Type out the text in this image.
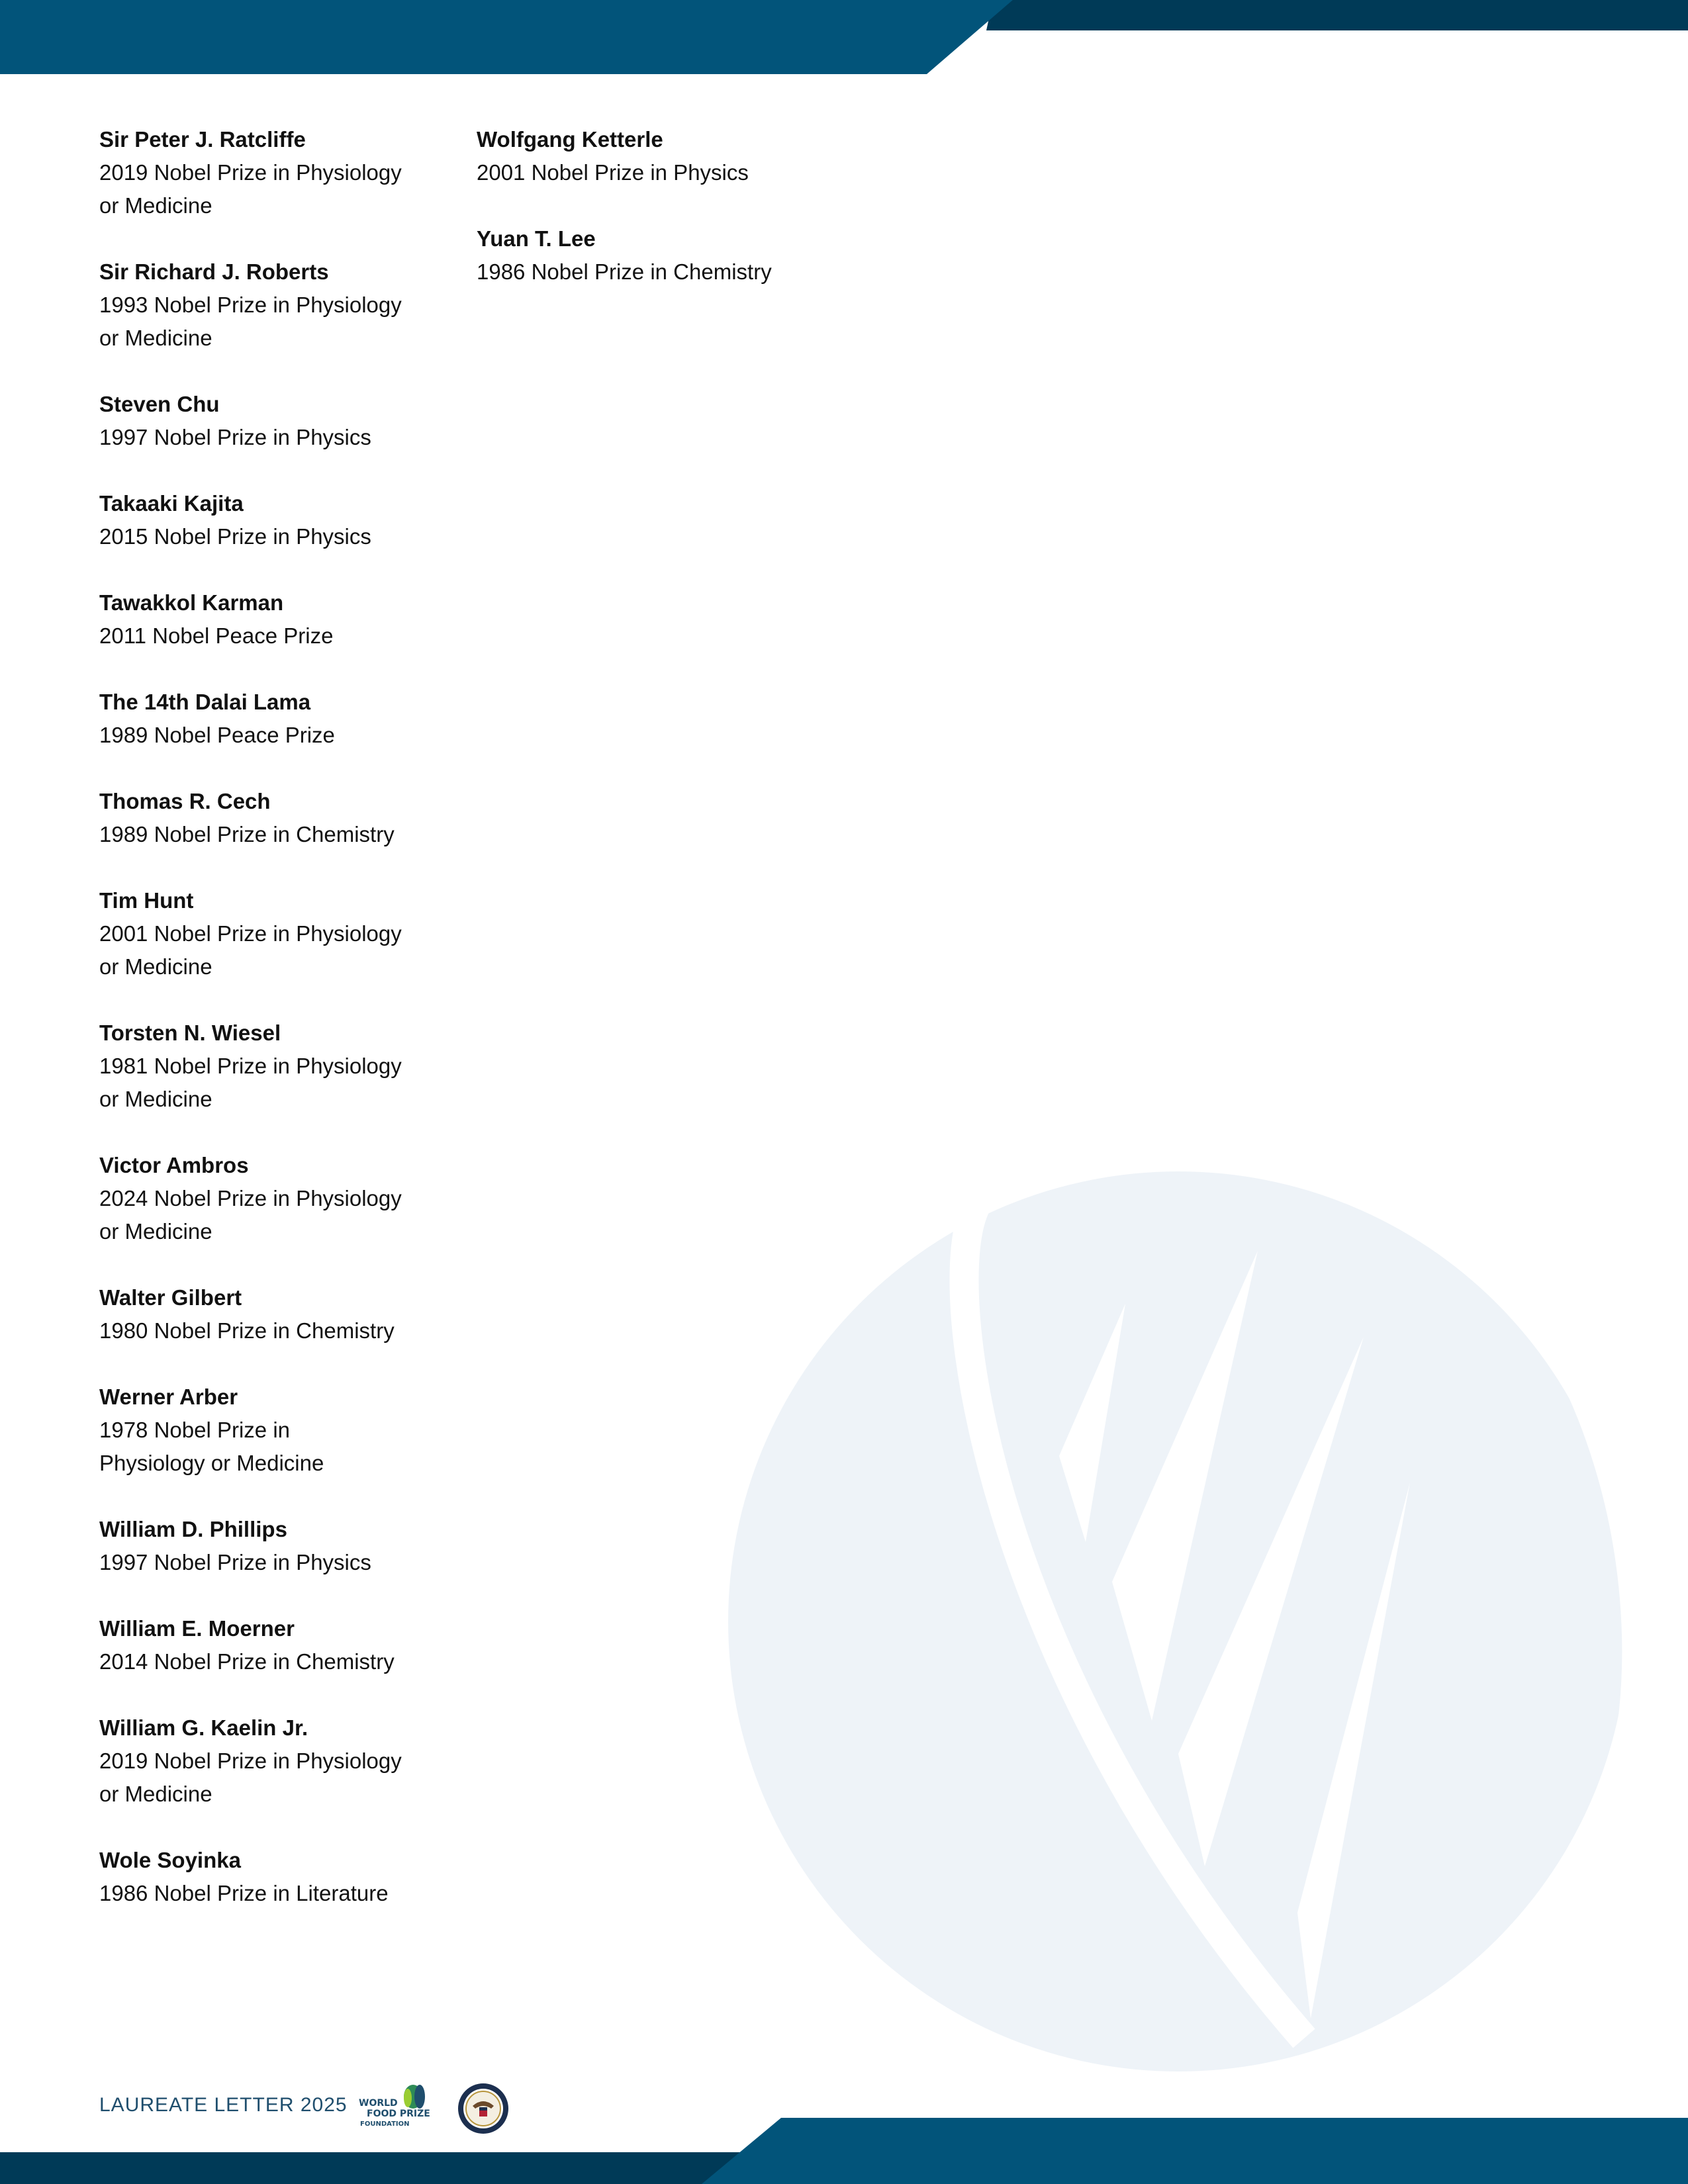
Sir Peter J. Ratcliffe
2019 Nobel Prize in Physiology
or Medicine
Sir Richard J. Roberts
1993 Nobel Prize in Physiology
or Medicine
Steven Chu
1997 Nobel Prize in Physics
Takaaki Kajita
2015 Nobel Prize in Physics
Tawakkol Karman
2011 Nobel Peace Prize
The 14th Dalai Lama
1989 Nobel Peace Prize
Thomas R. Cech
1989 Nobel Prize in Chemistry
Tim Hunt
2001 Nobel Prize in Physiology
or Medicine
Torsten N. Wiesel
1981 Nobel Prize in Physiology
or Medicine
Victor Ambros
2024 Nobel Prize in Physiology
or Medicine
Walter Gilbert
1980 Nobel Prize in Chemistry
Werner Arber
1978 Nobel Prize in
Physiology or Medicine
William D. Phillips
1997 Nobel Prize in Physics
William E. Moerner
2014 Nobel Prize in Chemistry
William G. Kaelin Jr.
2019 Nobel Prize in Physiology
or Medicine
Wole Soyinka
1986 Nobel Prize in Literature
Wolfgang Ketterle
2001 Nobel Prize in Physics
Yuan T. Lee
1986 Nobel Prize in Chemistry
LAUREATE LETTER 2025 WORLD
FOOD PRIZE
FOUNDATION
